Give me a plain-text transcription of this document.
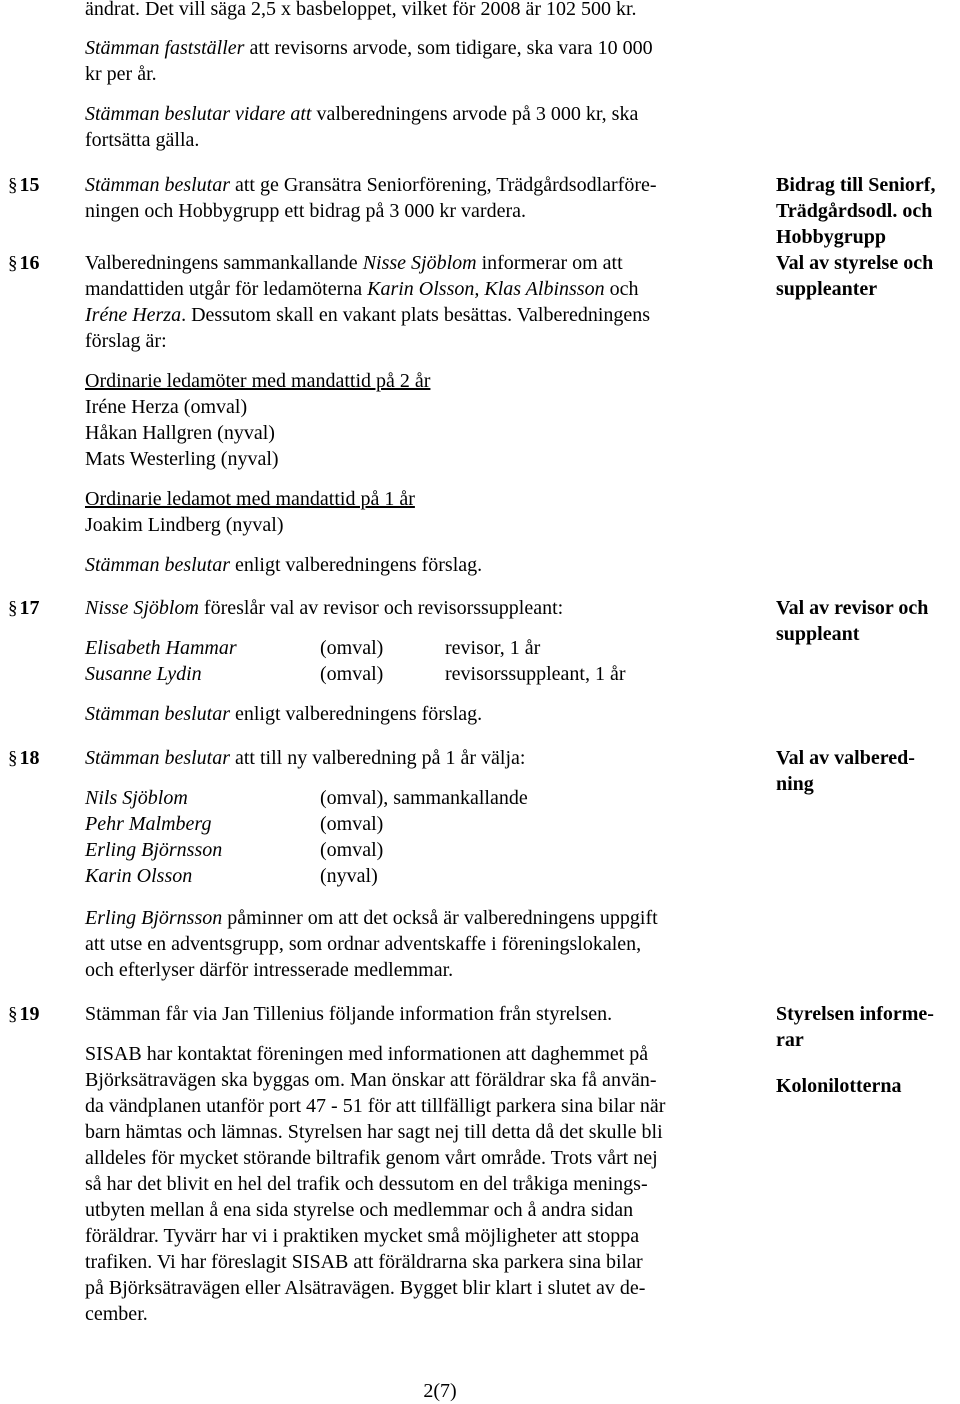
ändrat. Det vill säga 2,5 x basbeloppet, vilket för 2008 är 102 500 kr.
Stämman fastställer att revisorns arvode, som tidigare, ska vara 10 000
kr per år.
Stämman beslutar vidare att valberedningens arvode på 3 000 kr, ska
fortsätta gälla.
§ 15	Stämman beslutar att ge Gransätra Seniorförening, Trädgårdsodlarföre-
ningen och Hobbygrupp ett bidrag på 3 000 kr vardera.
Bidrag till Seniorf,
Trädgårdsodl. och
Hobbygrupp
§ 16	Valberedningens sammankallande Nisse Sjöblom informerar om att
mandattiden utgår för ledamöterna Karin Olsson, Klas Albinsson och
Iréne Herza. Dessutom skall en vakant plats besättas. Valberedningens
förslag är:
Ordinarie ledamöter med mandattid på 2 år
Iréne Herza (omval)
Håkan Hallgren (nyval)
Mats Westerling (nyval)
Ordinarie ledamot med mandattid på 1 år
Joakim Lindberg (nyval)
Stämman beslutar enligt valberedningens förslag.
Val av styrelse och
suppleanter
§ 17	Nisse Sjöblom föreslår val av revisor och revisorssuppleant:
Elisabeth Hammar	(omval)	revisor, 1 år
Susanne Lydin	(omval)	revisorssuppleant, 1 år
Stämman beslutar enligt valberedningens förslag.
Val av revisor och
suppleant
§ 18	Stämman beslutar att till ny valberedning på 1 år välja:
Nils Sjöblom	(omval), sammankallande
Pehr Malmberg	(omval)
Erling Björnsson	(omval)
Karin Olsson	(nyval)
Erling Björnsson påminner om att det också är valberedningens uppgift
att utse en adventsgrupp, som ordnar adventskaffe i föreningslokalen,
och efterlyser därför intresserade medlemmar.
Val av valbered-
ning
§ 19	Stämman får via Jan Tillenius följande information från styrelsen.
SISAB har kontaktat föreningen med informationen att daghemmet på
Björksätravägen ska byggas om. Man önskar att föräldrar ska få använ-
da vändplanen utanför port 47 - 51 för att tillfälligt parkera sina bilar när
barn hämtas och lämnas. Styrelsen har sagt nej till detta då det skulle bli
alldeles för mycket störande biltrafik genom vårt område. Trots vårt nej
så har det blivit en hel del trafik och dessutom en del tråkiga menings-
utbyten mellan å ena sida styrelse och medlemmar och å andra sidan
föräldrar. Tyvärr har vi i praktiken mycket små möjligheter att stoppa
trafiken. Vi har föreslagit SISAB att föräldrarna ska parkera sina bilar
på Björksätravägen eller Alsätravägen. Bygget blir klart i slutet av de-
cember.
Styrelsen informe-
rar
Kolonilotterna
2(7)
